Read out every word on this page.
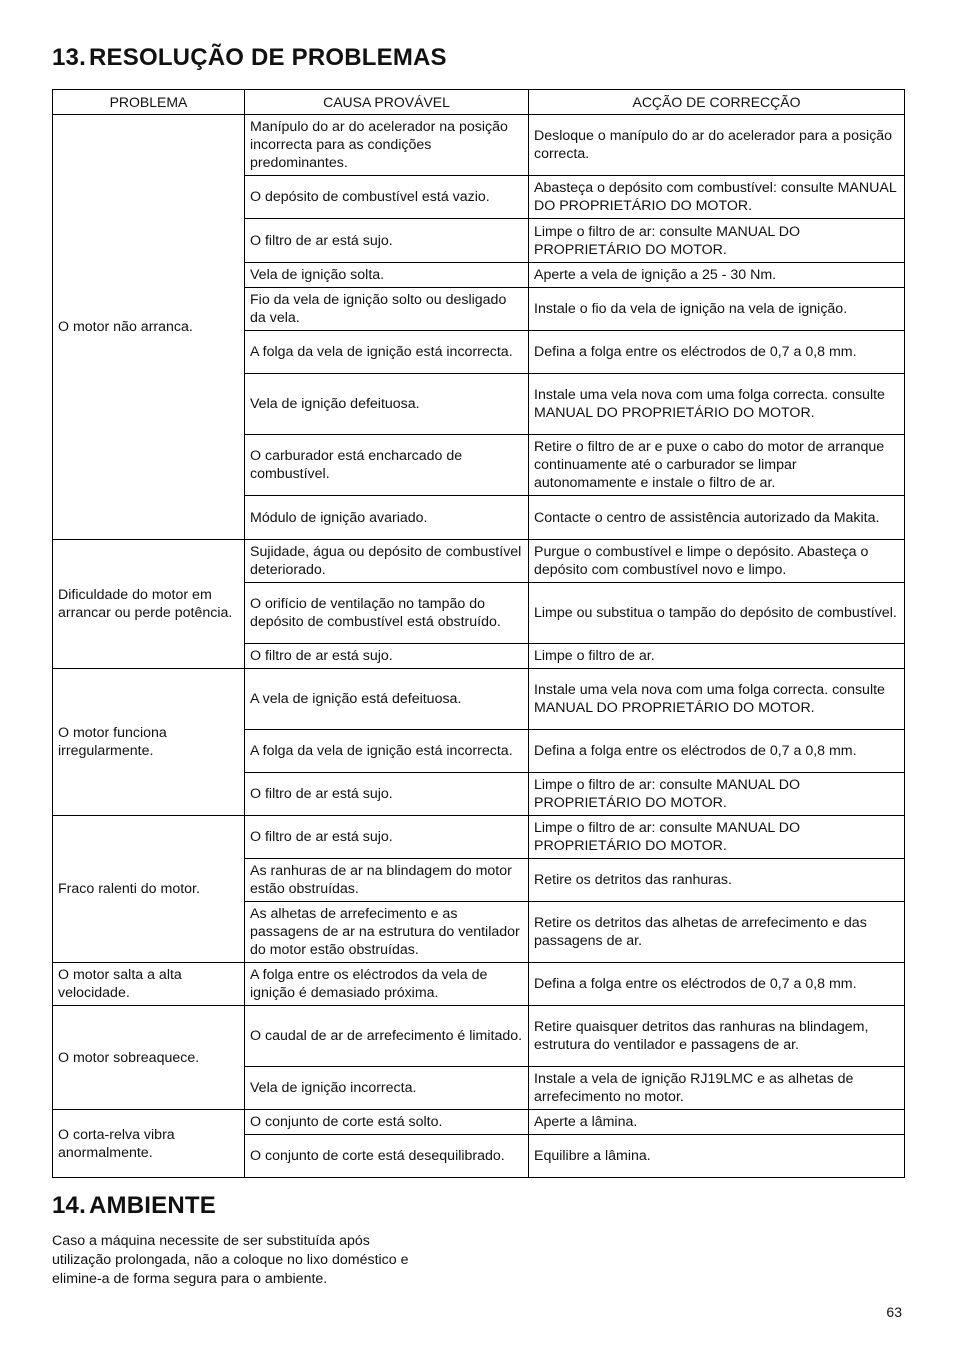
13. RESOLUÇÃO DE PROBLEMAS
PROBLEMA	CAUSA PROVÁVEL	ACÇÃO DE CORRECÇÃO
O motor não arranca.	Manípulo do ar do acelerador na posição incorrecta para as condições predominantes.	Desloque o manípulo do ar do acelerador para a posição correcta.
	O depósito de combustível está vazio.	Abasteça o depósito com combustível: consulte MANUAL DO PROPRIETÁRIO DO MOTOR.
	O filtro de ar está sujo.	Limpe o filtro de ar: consulte MANUAL DO PROPRIETÁRIO DO MOTOR.
	Vela de ignição solta.	Aperte a vela de ignição a 25 - 30 Nm.
	Fio da vela de ignição solto ou desligado da vela.	Instale o fio da vela de ignição na vela de ignição.
	A folga da vela de ignição está incorrecta.	Defina a folga entre os eléctrodos de 0,7 a 0,8 mm.
	Vela de ignição defeituosa.	Instale uma vela nova com uma folga correcta. consulte MANUAL DO PROPRIETÁRIO DO MOTOR.
	O carburador está encharcado de combustível.	Retire o filtro de ar e puxe o cabo do motor de arranque continuamente até o carburador se limpar autonomamente e instale o filtro de ar.
	Módulo de ignição avariado.	Contacte o centro de assistência autorizado da Makita.
Dificuldade do motor em arrancar ou perde potência.	Sujidade, água ou depósito de combustível deteriorado.	Purgue o combustível e limpe o depósito. Abasteça o depósito com combustível novo e limpo.
	O orifício de ventilação no tampão do depósito de combustível está obstruído.	Limpe ou substitua o tampão do depósito de combustível.
	O filtro de ar está sujo.	Limpe o filtro de ar.
O motor funciona irregularmente.	A vela de ignição está defeituosa.	Instale uma vela nova com uma folga correcta. consulte MANUAL DO PROPRIETÁRIO DO MOTOR.
	A folga da vela de ignição está incorrecta.	Defina a folga entre os eléctrodos de 0,7 a 0,8 mm.
	O filtro de ar está sujo.	Limpe o filtro de ar: consulte MANUAL DO PROPRIETÁRIO DO MOTOR.
Fraco ralenti do motor.	O filtro de ar está sujo.	Limpe o filtro de ar: consulte MANUAL DO PROPRIETÁRIO DO MOTOR.
	As ranhuras de ar na blindagem do motor estão obstruídas.	Retire os detritos das ranhuras.
	As alhetas de arrefecimento e as passagens de ar na estrutura do ventilador do motor estão obstruídas.	Retire os detritos das alhetas de arrefecimento e das passagens de ar.
O motor salta a alta velocidade.	A folga entre os eléctrodos da vela de ignição é demasiado próxima.	Defina a folga entre os eléctrodos de 0,7 a 0,8 mm.
O motor sobreaquece.	O caudal de ar de arrefecimento é limitado.	Retire quaisquer detritos das ranhuras na blindagem, estrutura do ventilador e passagens de ar.
	Vela de ignição incorrecta.	Instale a vela de ignição RJ19LMC e as alhetas de arrefecimento no motor.
O corta-relva vibra anormalmente.	O conjunto de corte está solto.	Aperte a lâmina.
	O conjunto de corte está desequilibrado.	Equilibre a lâmina.
14. AMBIENTE
Caso a máquina necessite de ser substituída após
utilização prolongada, não a coloque no lixo doméstico e
elimine-a de forma segura para o ambiente.
63
